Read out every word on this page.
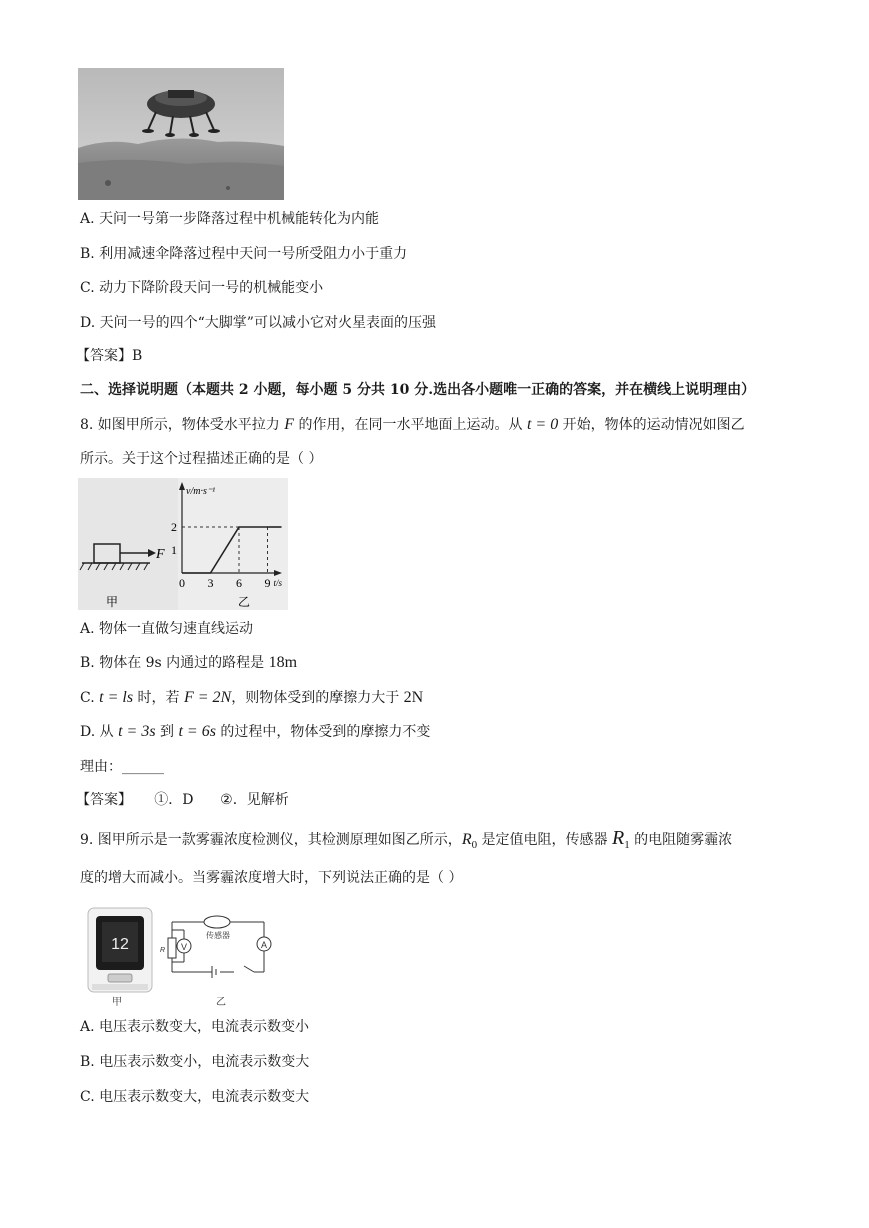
A. 天问一号第一步降落过程中机械能转化为内能
B. 利用减速伞降落过程中天问一号所受阻力小于重力
C. 动力下降阶段天问一号的机械能变小
D. 天问一号的四个“大脚掌”可以减小它对火星表面的压强
【答案】B
二、选择说明题（本题共 2 小题，每小题 5 分共 10 分.选出各小题唯一正确的答案，并在横线上说明理由）
8. 如图甲所示，物体受水平拉力 F 的作用，在同一水平地面上运动。从 t = 0 开始，物体的运动情况如图乙
所示。关于这个过程描述正确的是（ ）
F
甲
v/m·s⁻¹
t/s
0 3 6 9
2
1
乙
A. 物体一直做匀速直线运动
B. 物体在 9s 内通过的路程是 18m
C. t = ls 时，若 F = 2N，则物体受到的摩擦力大于 2N
D. 从 t = 3s 到 t = 6s 的过程中，物体受到的摩擦力不变
理由：______
【答案】     ①．D      ②．见解析
9. 图甲所示是一款雾霾浓度检测仪，其检测原理如图乙所示，$R_0$ 是定值电阻，传感器 $R_1$ 的电阻随雾霾浓
度的增大而减小。当雾霾浓度增大时，下列说法正确的是（ ）
12
甲
V	A
传感器
R
乙
A. 电压表示数变大，电流表示数变小
B. 电压表示数变小，电流表示数变大
C. 电压表示数变大，电流表示数变大
